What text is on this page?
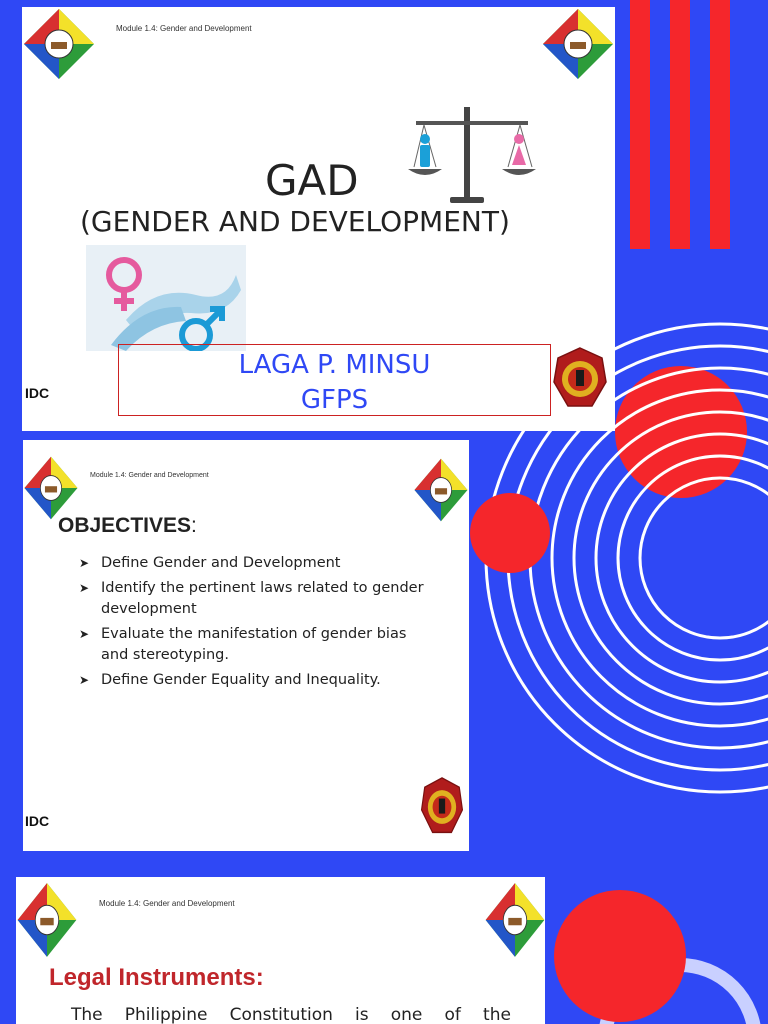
Module 1.4: Gender and Development
GAD
(GENDER AND DEVELOPMENT)
LAGA P. MINSU
GFPS
IDC
Module 1.4: Gender and Development
OBJECTIVES:
➤ Define Gender and Development
➤ Identify the pertinent laws related to gender development
➤ Evaluate the manifestation of gender bias and stereotyping.
➤ Define Gender Equality and Inequality.
IDC
Module 1.4: Gender and Development
Legal Instruments:
The Philippine Constitution is one of the
